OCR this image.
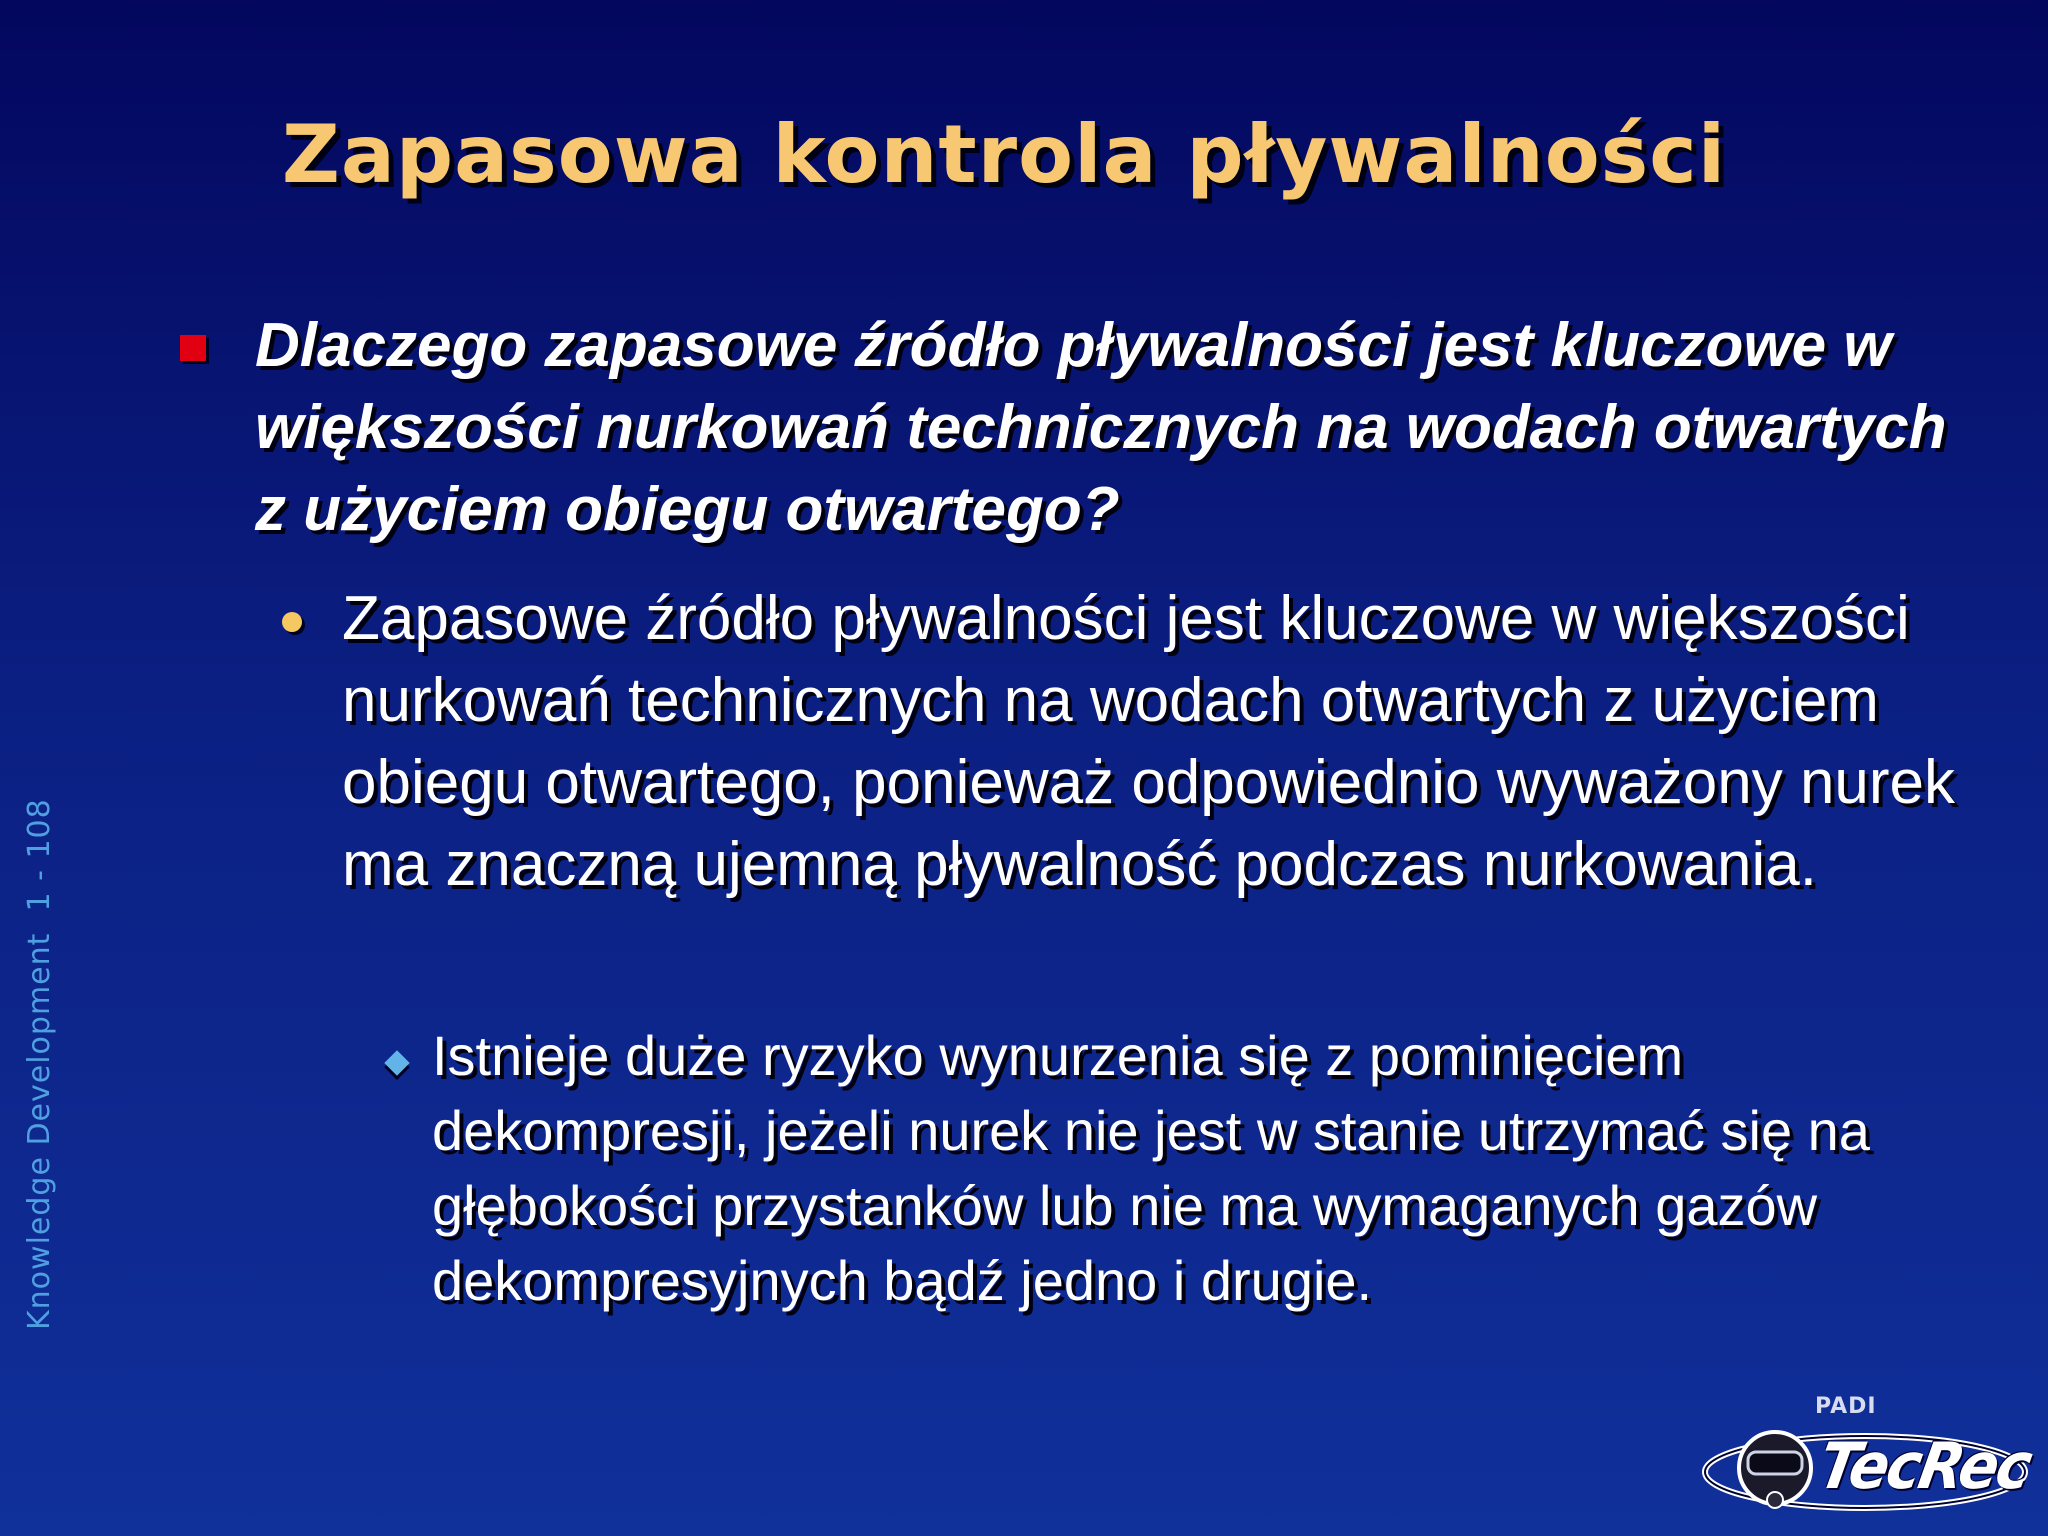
Zapasowa kontrola pływalności
Dlaczego zapasowe źródło pływalności jest kluczowe w większości nurkowań technicznych na wodach otwartych z użyciem obiegu otwartego?
Zapasowe źródło pływalności jest kluczowe w większości nurkowań technicznych na wodach otwartych z użyciem obiegu otwartego, ponieważ odpowiednio wyważony nurek ma znaczną ujemną pływalność podczas nurkowania.
Istnieje duże ryzyko wynurzenia się z pominięciem dekompresji, jeżeli nurek nie jest w stanie utrzymać się na głębokości przystanków lub nie ma wymaganych gazów dekompresyjnych bądź jedno i drugie.
Knowledge Development  1 - 108
PADI
TecRec
